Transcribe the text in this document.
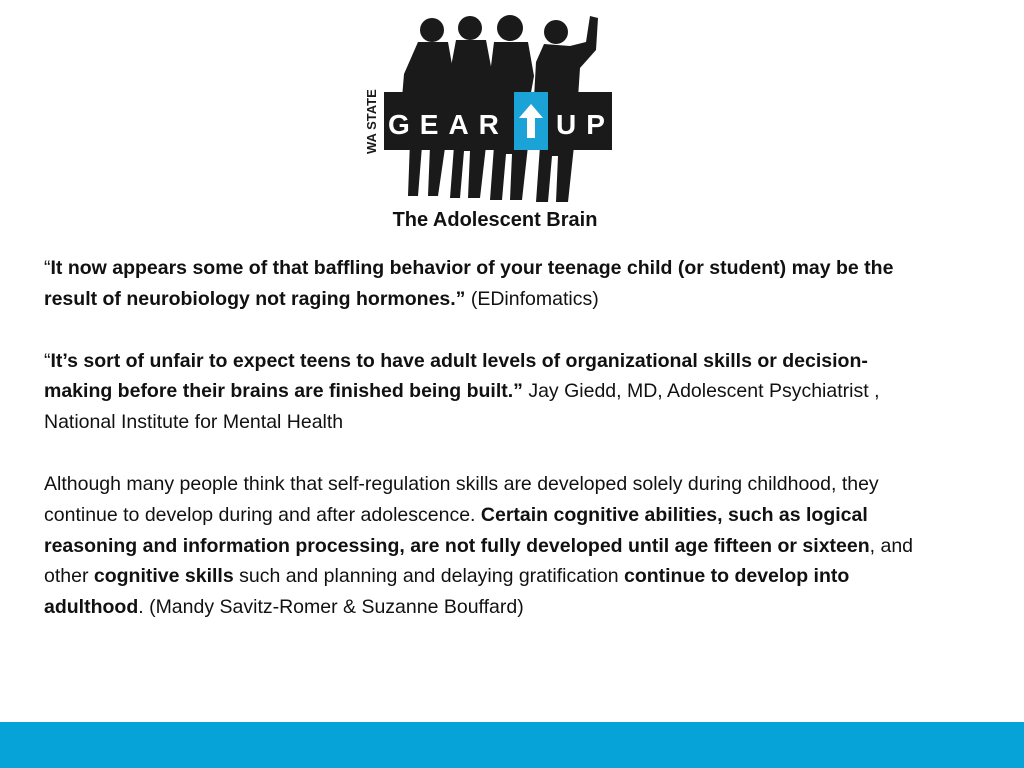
WA STATE GEAR UP
The Adolescent Brain

“It now appears some of that baffling behavior of your teenage child (or student) may be the result of neurobiology not raging hormones.” (EDinfomatics)

“It’s sort of unfair to expect teens to have adult levels of organizational skills or decision-making before their brains are finished being built.” Jay Giedd, MD, Adolescent Psychiatrist , National Institute for Mental Health

Although many people think that self-regulation skills are developed solely during childhood, they continue to develop during and after adolescence. Certain cognitive abilities, such as logical reasoning and information processing, are not fully developed until age fifteen or sixteen, and other cognitive skills such and planning and delaying gratification continue to develop into adulthood. (Mandy Savitz-Romer & Suzanne Bouffard)
